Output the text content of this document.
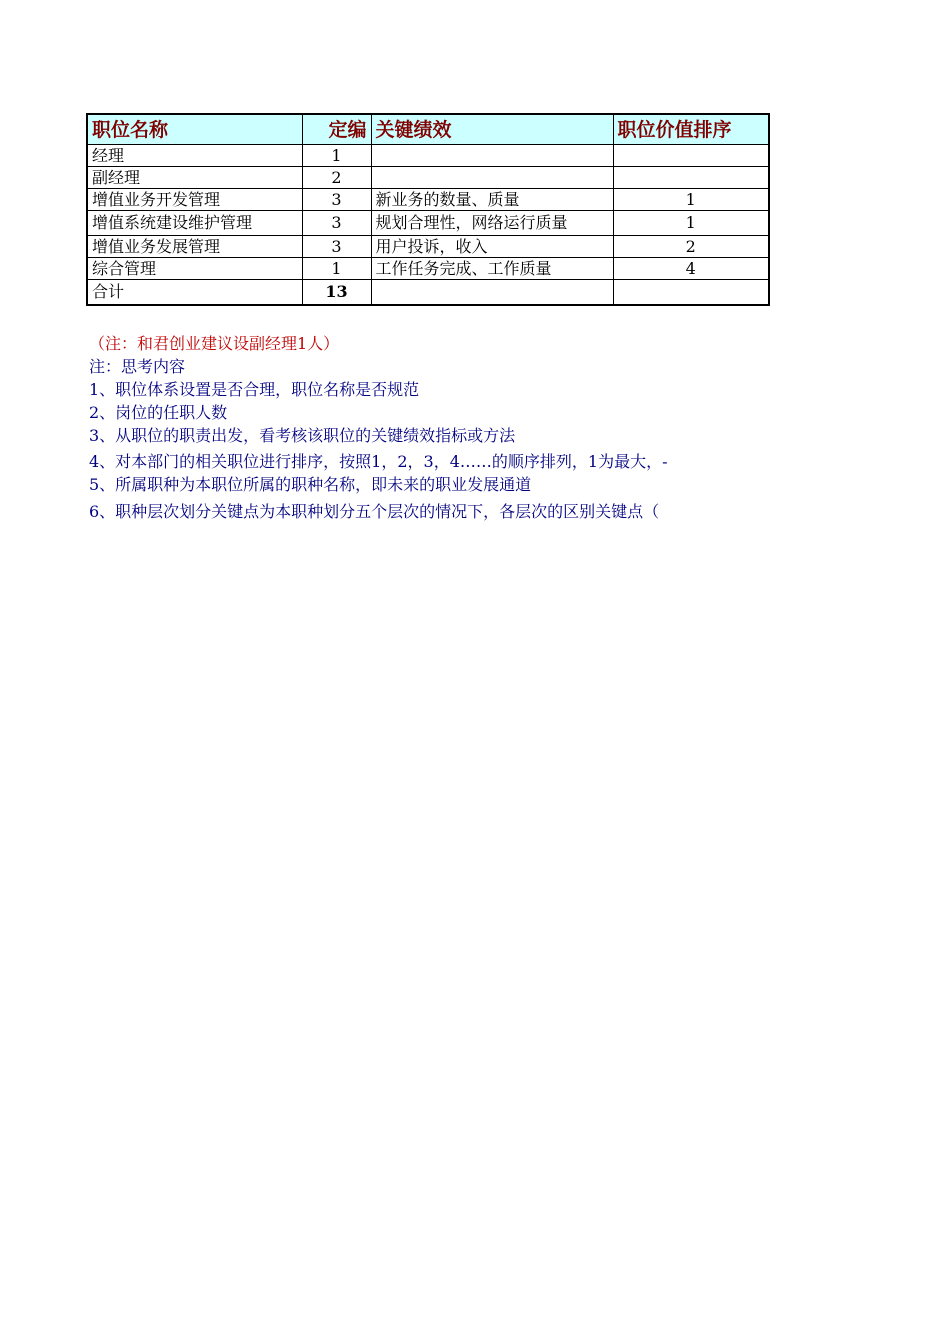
职位名称	定编	关键绩效	职位价值排序
经理	1		
副经理	2		
增值业务开发管理	3	新业务的数量、质量	1
增值系统建设维护管理	3	规划合理性，网络运行质量	1
增值业务发展管理	3	用户投诉，收入	2
综合管理	1	工作任务完成、工作质量	4
合计	13		
（注：和君创业建议设副经理1人）
注：思考内容
1、职位体系设置是否合理，职位名称是否规范
2、岗位的任职人数
3、从职位的职责出发，看考核该职位的关键绩效指标或方法
4、对本部门的相关职位进行排序，按照1，2，3，4……的顺序排列，1为最大，-
5、所属职种为本职位所属的职种名称，即未来的职业发展通道
6、职种层次划分关键点为本职种划分五个层次的情况下，各层次的区别关键点（
